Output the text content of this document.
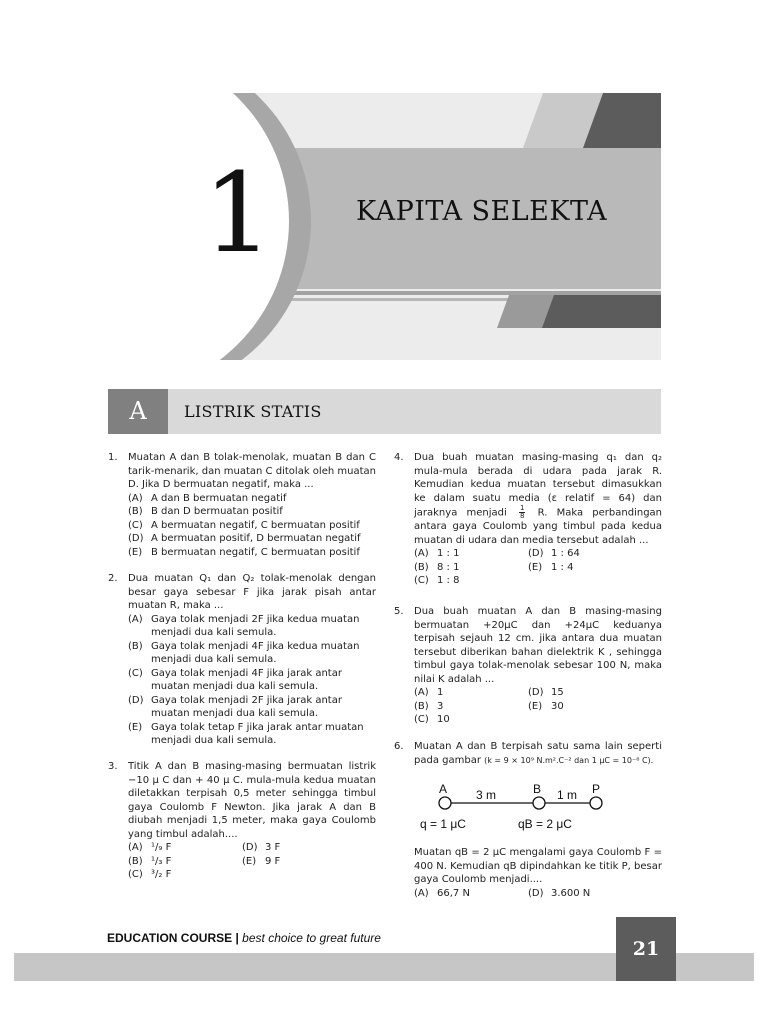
1	KAPITA SELEKTA
A	LISTRIK STATIS
1. Muatan A dan B tolak-menolak, muatan B dan C tarik-menarik, dan muatan C ditolak oleh muatan D. Jika D bermuatan negatif, maka ...
(A) A dan B bermuatan negatif
(B) B dan D bermuatan positif
(C) A bermuatan negatif, C bermuatan positif
(D) A bermuatan positif, D bermuatan negatif
(E) B bermuatan negatif, C bermuatan positif
2. Dua muatan Q₁ dan Q₂ tolak-menolak dengan besar gaya sebesar F jika jarak pisah antar muatan R, maka ...
(A) Gaya tolak menjadi 2F jika kedua muatan menjadi dua kali semula.
(B) Gaya tolak menjadi 4F jika kedua muatan menjadi dua kali semula.
(C) Gaya tolak menjadi 4F jika jarak antar muatan menjadi dua kali semula.
(D) Gaya tolak menjadi 2F jika jarak antar muatan menjadi dua kali semula.
(E) Gaya tolak tetap F jika jarak antar muatan menjadi dua kali semula.
3. Titik A dan B masing-masing bermuatan listrik −10 μ C dan + 40 μ C. mula-mula kedua muatan diletakkan terpisah 0,5 meter sehingga timbul gaya Coulomb F Newton. Jika jarak A dan B diubah menjadi 1,5 meter, maka gaya Coulomb yang timbul adalah....
(A) ¹/₉ F	(D) 3 F
(B) ¹/₃ F	(E) 9 F
(C) ³/₂ F
4. Dua buah muatan masing-masing q₁ dan q₂ mula-mula berada di udara pada jarak R. Kemudian kedua muatan tersebut dimasukkan ke dalam suatu media (ε relatif = 64) dan jaraknya menjadi $\frac{1}{8} R$. Maka perbandingan antara gaya Coulomb yang timbul pada kedua muatan di udara dan media tersebut adalah ...
(A) 1 : 1	(D) 1 : 64
(B) 8 : 1	(E) 1 : 4
(C) 1 : 8
5. Dua buah muatan A dan B masing-masing bermuatan +20μC dan +24μC keduanya terpisah sejauh 12 cm. jika antara dua muatan tersebut diberikan bahan dielektrik K , sehingga timbul gaya tolak-menolak sebesar 100 N, maka nilai K adalah ...
(A) 1	(D) 15
(B) 3	(E) 30
(C) 10
6. Muatan A dan B terpisah satu sama lain seperti pada gambar (k = 9 × 10⁹ N.m².C⁻² dan 1 μC = 10⁻⁶ C).
A	B	P
3 m	1 m
q = 1 μC	qB = 2 μC
Muatan qB = 2 μC mengalami gaya Coulomb F = 400 N. Kemudian qB dipindahkan ke titik P, besar gaya Coulomb menjadi....
(A) 66,7 N	(D) 3.600 N
EDUCATION COURSE | best choice to great future	21
